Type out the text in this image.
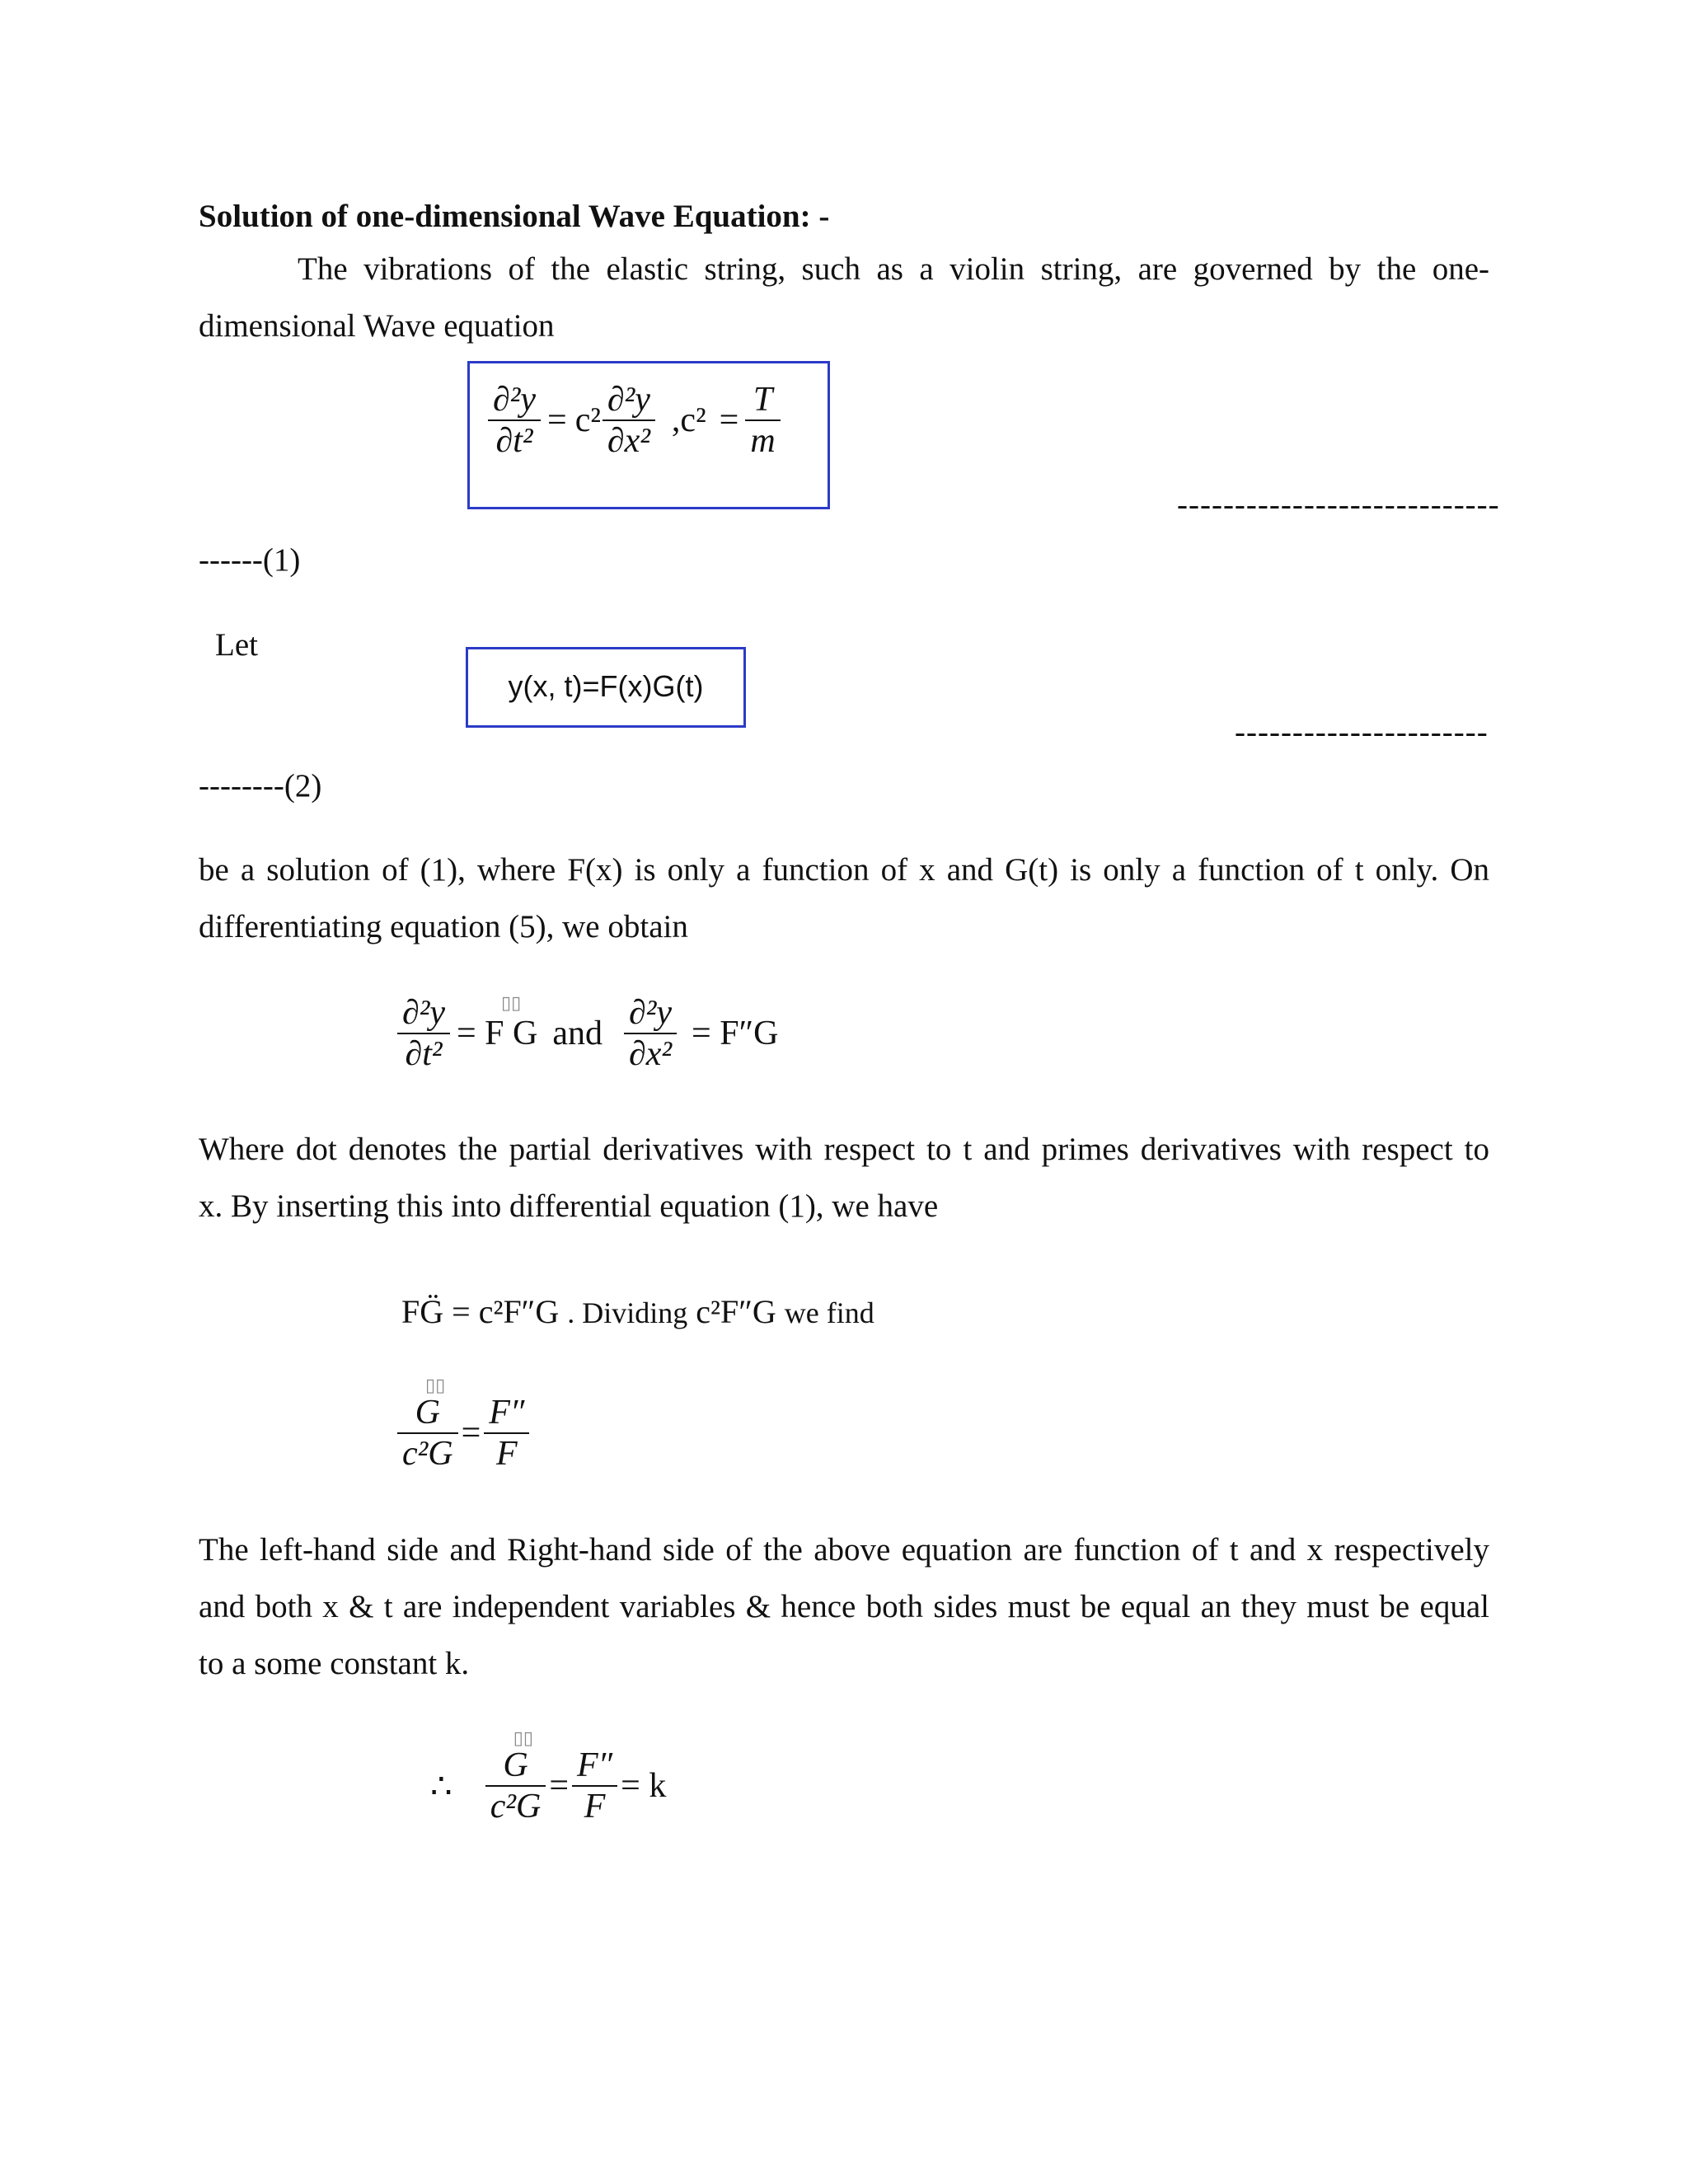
Solution of one-dimensional Wave Equation: -
The vibrations of the elastic string, such as a violin string, are governed by the one-
dimensional Wave equation
$\frac{\text{∂²y}}{\text{∂t²}} = c^2 \frac{\text{∂²y}}{\text{∂x²}} ,c^2 = \frac{T}{m}$
----------------------------
------(1)
Let
y(x, t)=F(x)G(t)
----------------------
--------(2)
be a solution of (1), where F(x) is only a function of x and G(t) is only a function of t only. On
differentiating equation (5), we obtain
$\frac{\text{∂²y}}{\text{∂t²}}$	▯▯
= F G and $\frac{\text{∂²y}}{\text{∂x²}} = F''G$
Where dot denotes the partial derivatives with respect to t and primes derivatives with respect to
x. By inserting this into differential equation (1), we have
FG̈ = c²F″G . Dividing c²F″G we find
▯▯
G
c²G
= $\frac{F''}{F}$
The left-hand side and Right-hand side of the above equation are function of t and x respectively
and both x & t are independent variables & hence both sides must be equal an they must be equal
to a some constant k.
∴
▯▯
G
c²G
= $\frac{F''}{F} = k$
